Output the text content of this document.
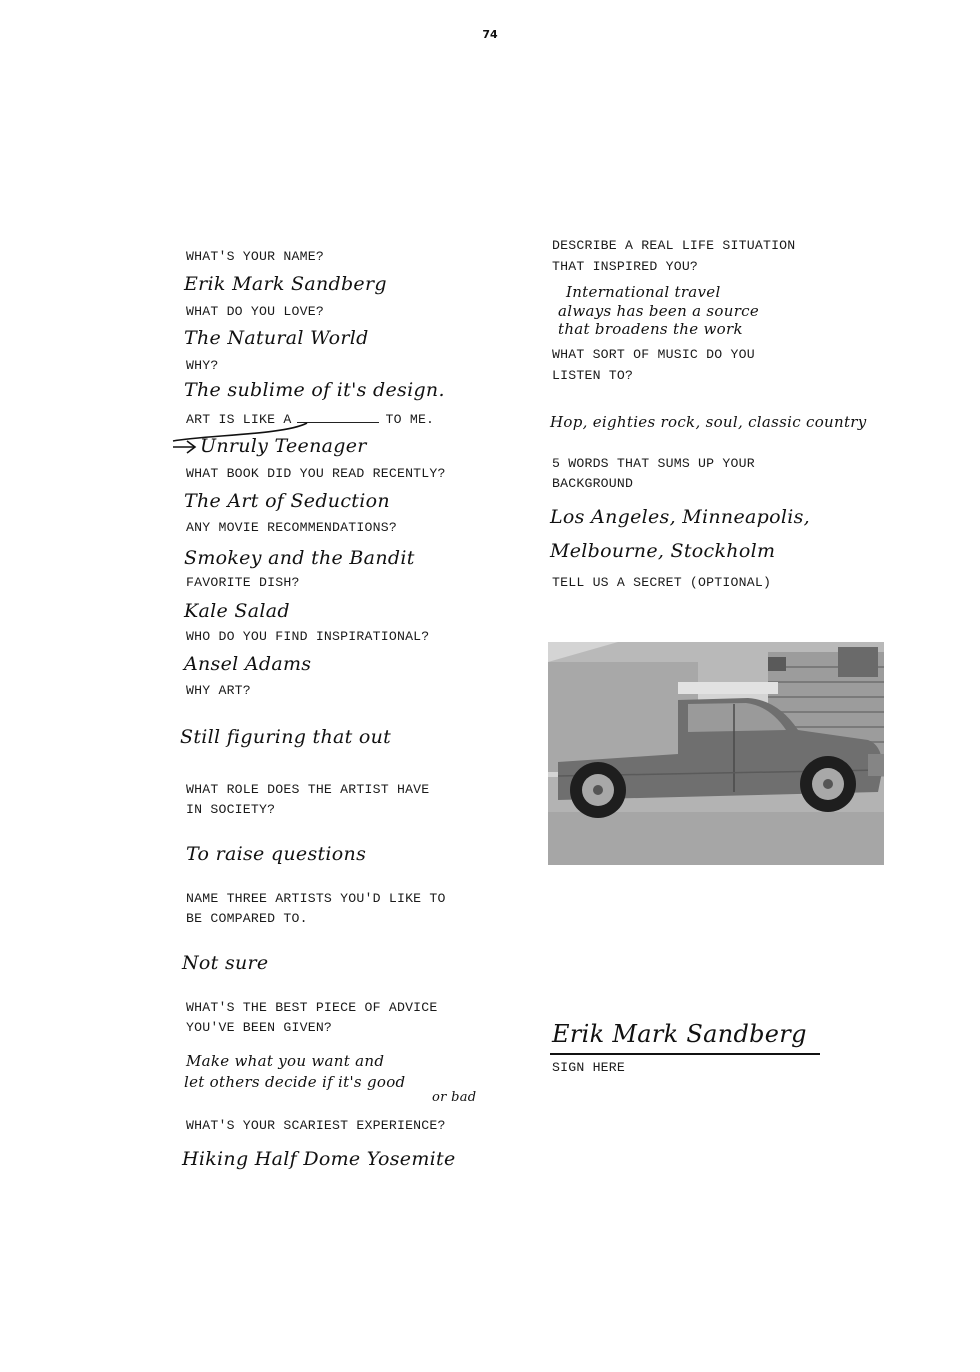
74
WHAT'S YOUR NAME?
Erik Mark Sandberg
WHAT DO YOU LOVE?
The Natural World
WHY?
The sublime of it's design.
ART IS LIKE A	TO ME.
Unruly Teenager
WHAT BOOK DID YOU READ RECENTLY?
The Art of Seduction
ANY MOVIE RECOMMENDATIONS?
Smokey and the Bandit
FAVORITE DISH?
Kale Salad
WHO DO YOU FIND INSPIRATIONAL?
Ansel Adams
WHY ART?
Still figuring that out
WHAT ROLE DOES THE ARTIST HAVE
IN SOCIETY?
To raise questions
NAME THREE ARTISTS YOU'D LIKE TO
BE COMPARED TO.
Not sure
WHAT'S THE BEST PIECE OF ADVICE
YOU'VE BEEN GIVEN?
Make what you want and
let others decide if it's good
or bad
WHAT'S YOUR SCARIEST EXPERIENCE?
Hiking Half Dome Yosemite
DESCRIBE A REAL LIFE SITUATION
THAT INSPIRED YOU?
International travel
always has been a source
that broadens the work
WHAT SORT OF MUSIC DO YOU
LISTEN TO?
Hop, eighties rock, soul, classic country
5 WORDS THAT SUMS UP YOUR
BACKGROUND
Los Angeles, Minneapolis,
Melbourne, Stockholm
TELL US A SECRET (OPTIONAL)
Erik Mark Sandberg
SIGN HERE
